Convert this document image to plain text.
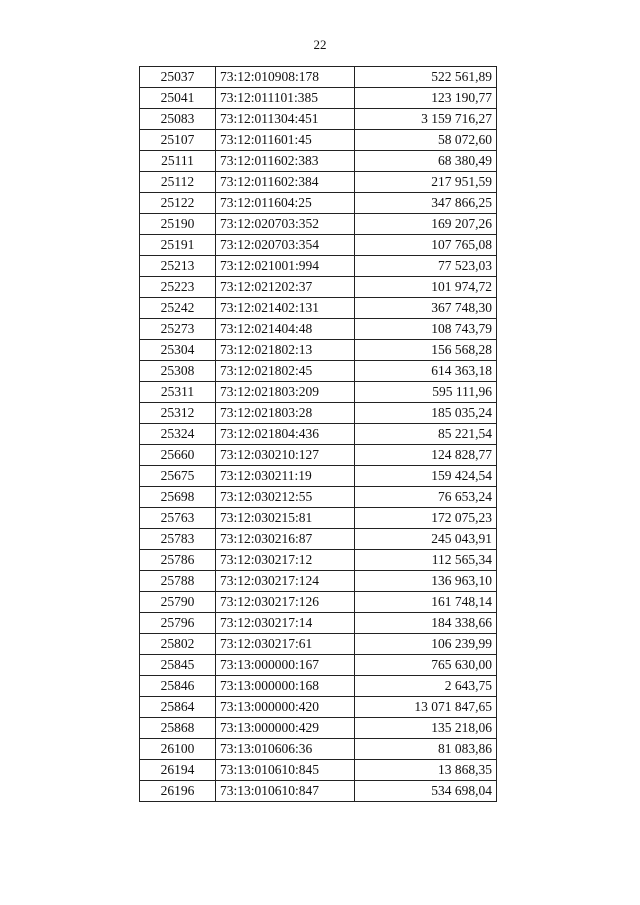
22
25037	73:12:010908:178	522 561,89
25041	73:12:011101:385	123 190,77
25083	73:12:011304:451	3 159 716,27
25107	73:12:011601:45	58 072,60
25111	73:12:011602:383	68 380,49
25112	73:12:011602:384	217 951,59
25122	73:12:011604:25	347 866,25
25190	73:12:020703:352	169 207,26
25191	73:12:020703:354	107 765,08
25213	73:12:021001:994	77 523,03
25223	73:12:021202:37	101 974,72
25242	73:12:021402:131	367 748,30
25273	73:12:021404:48	108 743,79
25304	73:12:021802:13	156 568,28
25308	73:12:021802:45	614 363,18
25311	73:12:021803:209	595 111,96
25312	73:12:021803:28	185 035,24
25324	73:12:021804:436	85 221,54
25660	73:12:030210:127	124 828,77
25675	73:12:030211:19	159 424,54
25698	73:12:030212:55	76 653,24
25763	73:12:030215:81	172 075,23
25783	73:12:030216:87	245 043,91
25786	73:12:030217:12	112 565,34
25788	73:12:030217:124	136 963,10
25790	73:12:030217:126	161 748,14
25796	73:12:030217:14	184 338,66
25802	73:12:030217:61	106 239,99
25845	73:13:000000:167	765 630,00
25846	73:13:000000:168	2 643,75
25864	73:13:000000:420	13 071 847,65
25868	73:13:000000:429	135 218,06
26100	73:13:010606:36	81 083,86
26194	73:13:010610:845	13 868,35
26196	73:13:010610:847	534 698,04
